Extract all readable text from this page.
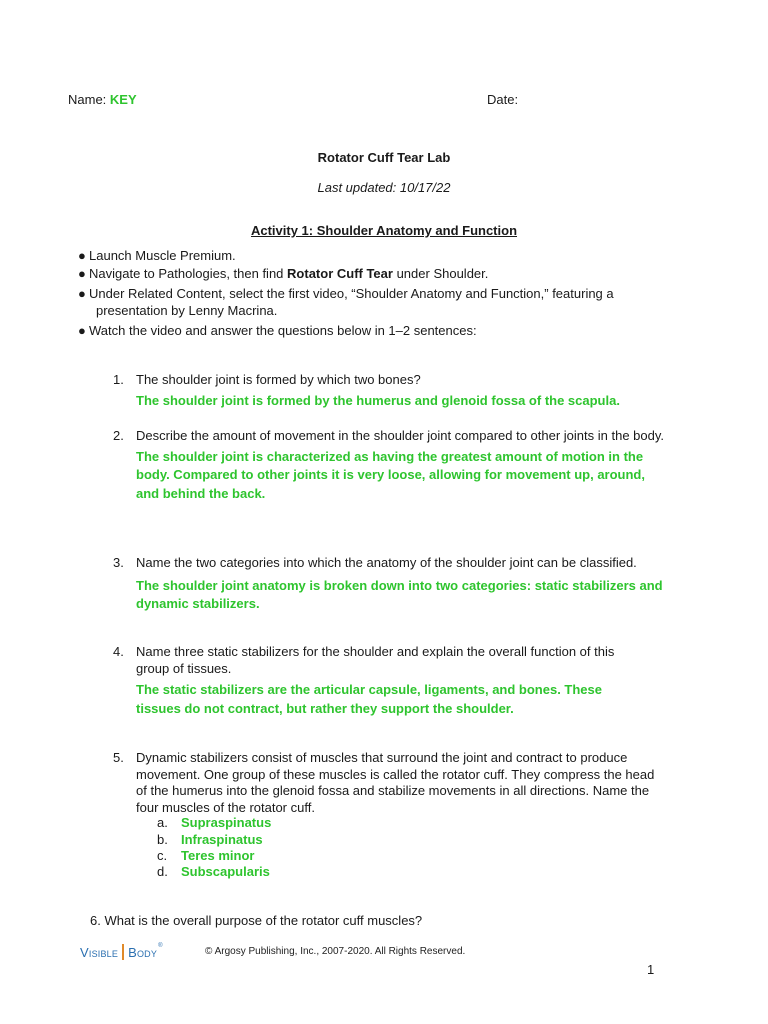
Name: KEY	Date:
Rotator Cuff Tear Lab
Last updated: 10/17/22
Activity 1: Shoulder Anatomy and Function
● Launch Muscle Premium.
● Navigate to Pathologies, then find Rotator Cuff Tear under Shoulder.
● Under Related Content, select the first video, “Shoulder Anatomy and Function,” featuring a
presentation by Lenny Macrina.
● Watch the video and answer the questions below in 1–2 sentences:
1. The shoulder joint is formed by which two bones?
The shoulder joint is formed by the humerus and glenoid fossa of the scapula.
2. Describe the amount of movement in the shoulder joint compared to other joints in the body.
The shoulder joint is characterized as having the greatest amount of motion in the body. Compared to other joints it is very loose, allowing for movement up, around, and behind the back.
3. Name the two categories into which the anatomy of the shoulder joint can be classified.
The shoulder joint anatomy is broken down into two categories: static stabilizers and dynamic stabilizers.
4. Name three static stabilizers for the shoulder and explain the overall function of this group of tissues.
The static stabilizers are the articular capsule, ligaments, and bones. These tissues do not contract, but rather they support the shoulder.
5. Dynamic stabilizers consist of muscles that surround the joint and contract to produce movement. One group of these muscles is called the rotator cuff. They compress the head of the humerus into the glenoid fossa and stabilize movements in all directions. Name the four muscles of the rotator cuff.
a. Supraspinatus
b. Infraspinatus
c. Teres minor
d. Subscapularis
6. What is the overall purpose of the rotator cuff muscles?
Visible Body ®	© Argosy Publishing, Inc., 2007-2020. All Rights Reserved.
1
